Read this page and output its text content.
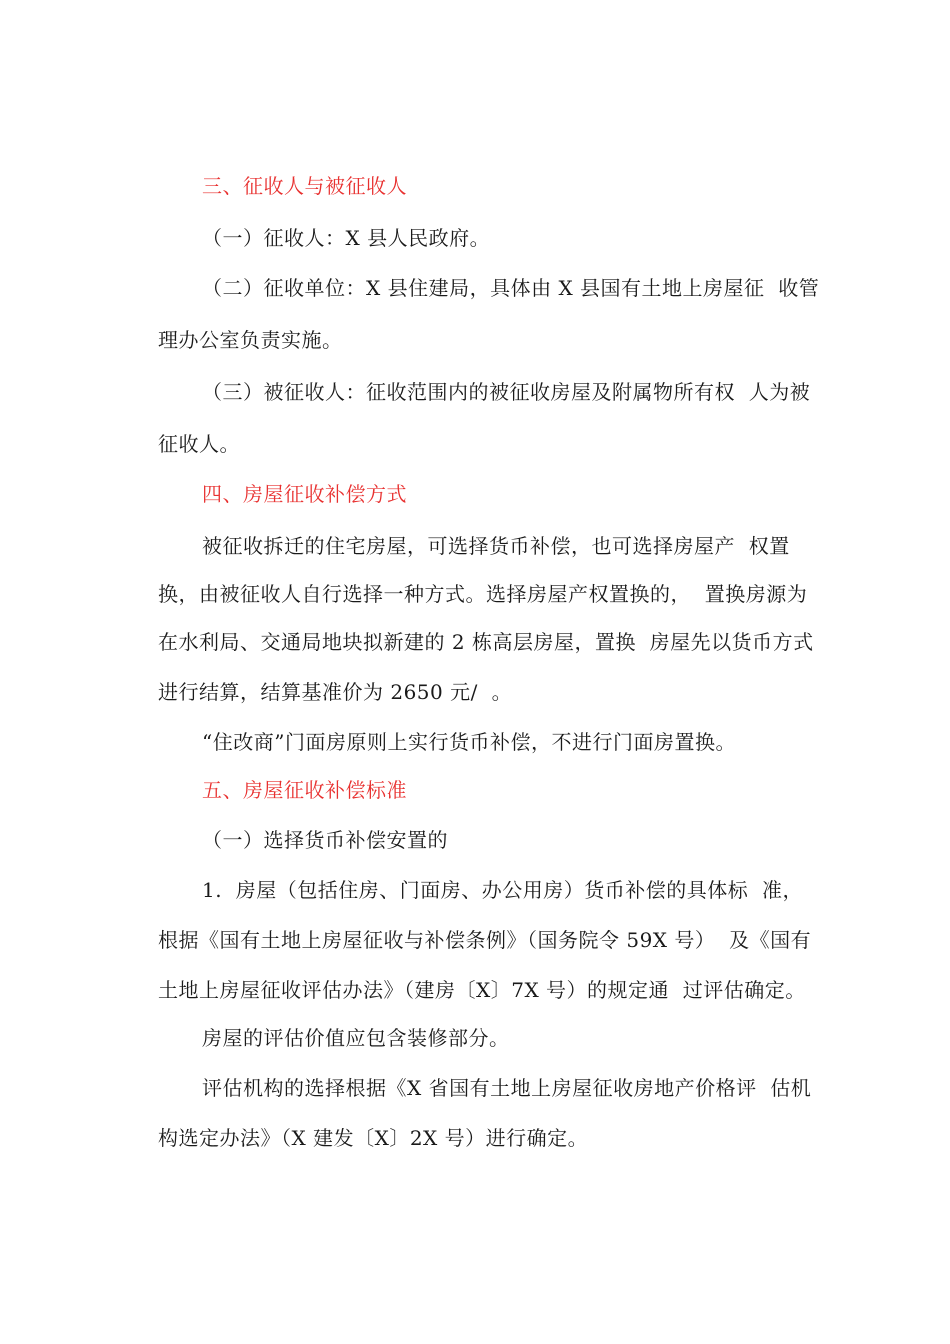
三、征收人与被征收人
（一）征收人：X 县人民政府。
（二）征收单位：X 县住建局，具体由 X 县国有土地上房屋征  收管
理办公室负责实施。
（三）被征收人：征收范围内的被征收房屋及附属物所有权  人为被
征收人。
四、房屋征收补偿方式
被征收拆迁的住宅房屋，可选择货币补偿，也可选择房屋产  权置
换，由被征收人自行选择一种方式。选择房屋产权置换的，  置换房源为
在水利局、交通局地块拟新建的 2 栋高层房屋，置换  房屋先以货币方式
进行结算，结算基准价为 2650 元/  。
“住改商”门面房原则上实行货币补偿，不进行门面房置换。
五、房屋征收补偿标准
（一）选择货币补偿安置的
1.  房屋（包括住房、门面房、办公用房）货币补偿的具体标  准，
根据《国有土地上房屋征收与补偿条例》（国务院令 59X 号）  及《国有
土地上房屋征收评估办法》（建房〔X〕7X 号）的规定通  过评估确定。
房屋的评估价值应包含装修部分。
评估机构的选择根据《X 省国有土地上房屋征收房地产价格评  估机
构选定办法》（X 建发〔X〕2X 号）进行确定。
